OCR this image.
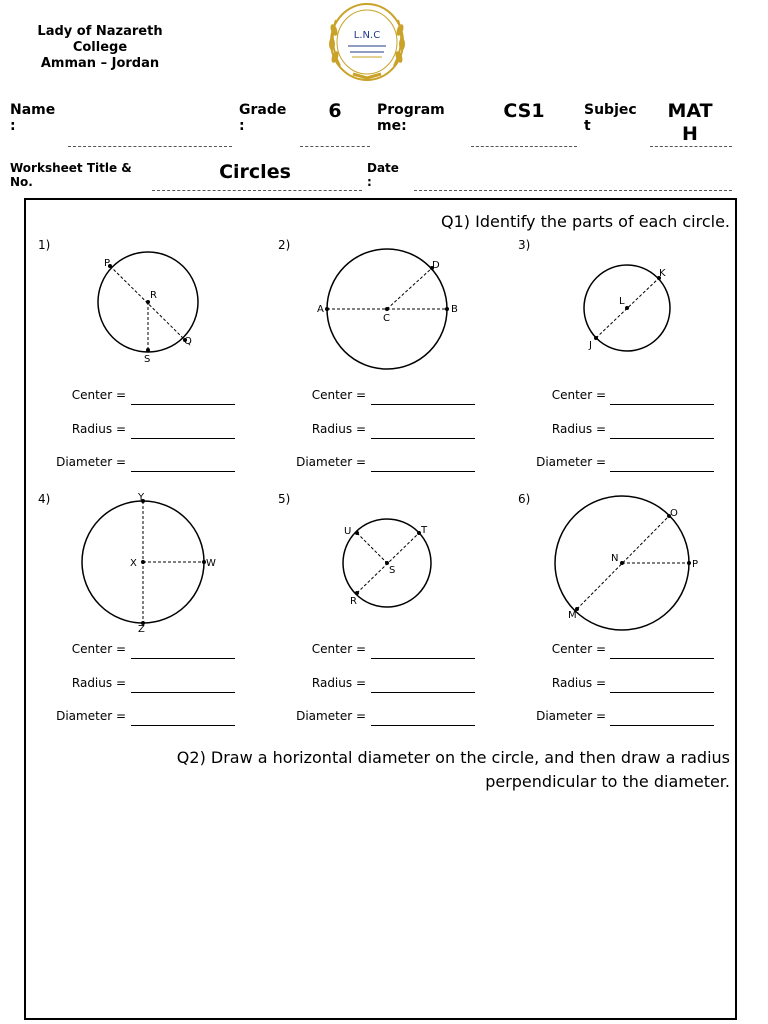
Lady of Nazareth
College
Amman – Jordan
L.N.C
Name
:
Grade
:
6	Program
me:
CS1	Subjec
t
MAT
H
Worksheet Title &
No.	Circles	Date
:
Q1) Identify the parts of each circle.
1)
P
R
Q
S
2)
A
C
B
D
3)
K
L
J
4)	Y
X	W
Z
5)
U	T
S
R
6)
O
N
P
M
Center =
Radius =
Diameter =
Center =
Radius =
Diameter =
Center =
Radius =
Diameter =
Center =
Radius =
Diameter =
Center =
Radius =
Diameter =
Center =
Radius =
Diameter =
Q2) Draw a horizontal diameter on the circle, and then draw a radius
perpendicular to the diameter.
